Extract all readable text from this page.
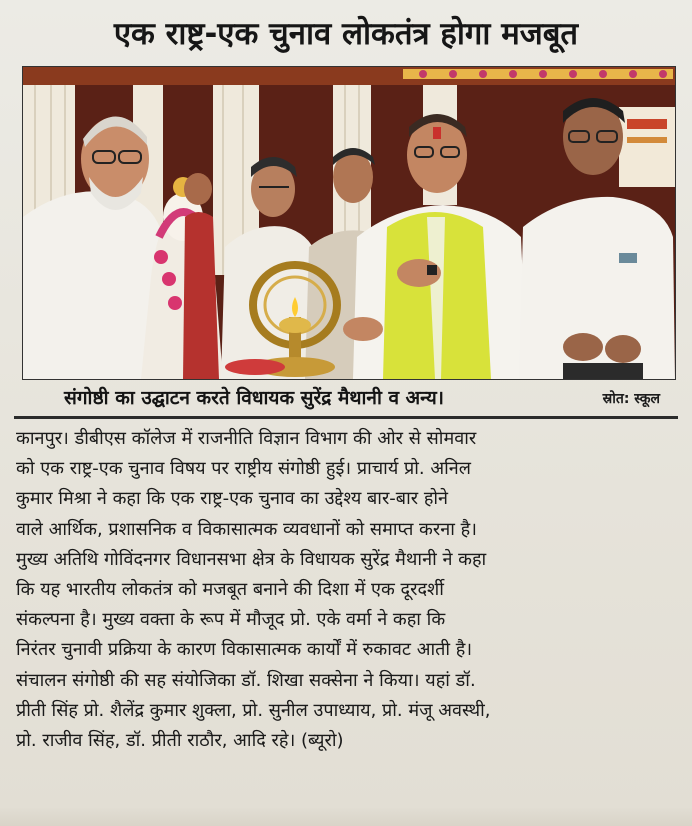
एक राष्ट्र-एक चुनाव लोकतंत्र होगा मजबूत
संगोष्ठी का उद्घाटन करते विधायक सुरेंद्र मैथानी व अन्य।	स्रोत: स्कूल
कानपुर। डीबीएस कॉलेज में राजनीति विज्ञान विभाग की ओर से सोमवार
को एक राष्ट्र-एक चुनाव विषय पर राष्ट्रीय संगोष्ठी हुई। प्राचार्य प्रो. अनिल
कुमार मिश्रा ने कहा कि एक राष्ट्र-एक चुनाव का उद्देश्य बार-बार होने
वाले आर्थिक, प्रशासनिक व विकासात्मक व्यवधानों को समाप्त करना है।
मुख्य अतिथि गोविंदनगर विधानसभा क्षेत्र के विधायक सुरेंद्र मैथानी ने कहा
कि यह भारतीय लोकतंत्र को मजबूत बनाने की दिशा में एक दूरदर्शी
संकल्पना है। मुख्य वक्ता के रूप में मौजूद प्रो. एके वर्मा ने कहा कि
निरंतर चुनावी प्रक्रिया के कारण विकासात्मक कार्यों में रुकावट आती है।
संचालन संगोष्ठी की सह संयोजिका डॉ. शिखा सक्सेना ने किया। यहां डॉ.
प्रीती सिंह प्रो. शैलेंद्र कुमार शुक्ला, प्रो. सुनील उपाध्याय, प्रो. मंजू अवस्थी,
प्रो. राजीव सिंह, डॉ. प्रीती राठौर, आदि रहे। (ब्यूरो)
